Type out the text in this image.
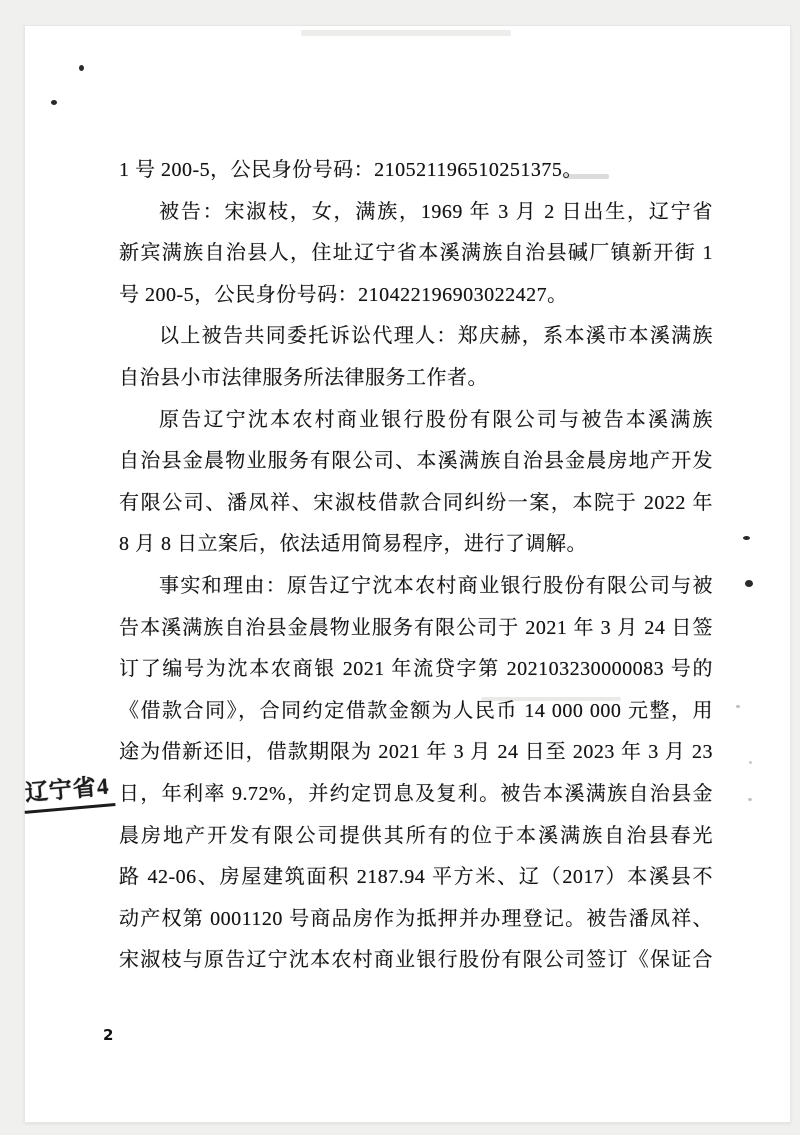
1 号 200-5，公民身份号码：210521196510251375。
被告：宋淑枝，女，满族，1969 年 3 月 2 日出生，辽宁省
新宾满族自治县人，住址辽宁省本溪满族自治县碱厂镇新开街 1
号 200-5，公民身份号码：210422196903022427。
以上被告共同委托诉讼代理人：郑庆赫，系本溪市本溪满族
自治县小市法律服务所法律服务工作者。
原告辽宁沈本农村商业银行股份有限公司与被告本溪满族
自治县金晨物业服务有限公司、本溪满族自治县金晨房地产开发
有限公司、潘凤祥、宋淑枝借款合同纠纷一案，本院于 2022 年
8 月 8 日立案后，依法适用简易程序，进行了调解。
事实和理由：原告辽宁沈本农村商业银行股份有限公司与被
告本溪满族自治县金晨物业服务有限公司于 2021 年 3 月 24 日签
订了编号为沈本农商银 2021 年流贷字第 202103230000083 号的
《借款合同》，合同约定借款金额为人民币 14 000 000 元整，用
途为借新还旧，借款期限为 2021 年 3 月 24 日至 2023 年 3 月 23
日，年利率 9.72%，并约定罚息及复利。被告本溪满族自治县金
晨房地产开发有限公司提供其所有的位于本溪满族自治县春光
路 42-06、房屋建筑面积 2187.94 平方米、辽（2017）本溪县不
动产权第 0001120 号商品房作为抵押并办理登记。被告潘凤祥、
宋淑枝与原告辽宁沈本农村商业银行股份有限公司签订《保证合
辽宁省4
2
